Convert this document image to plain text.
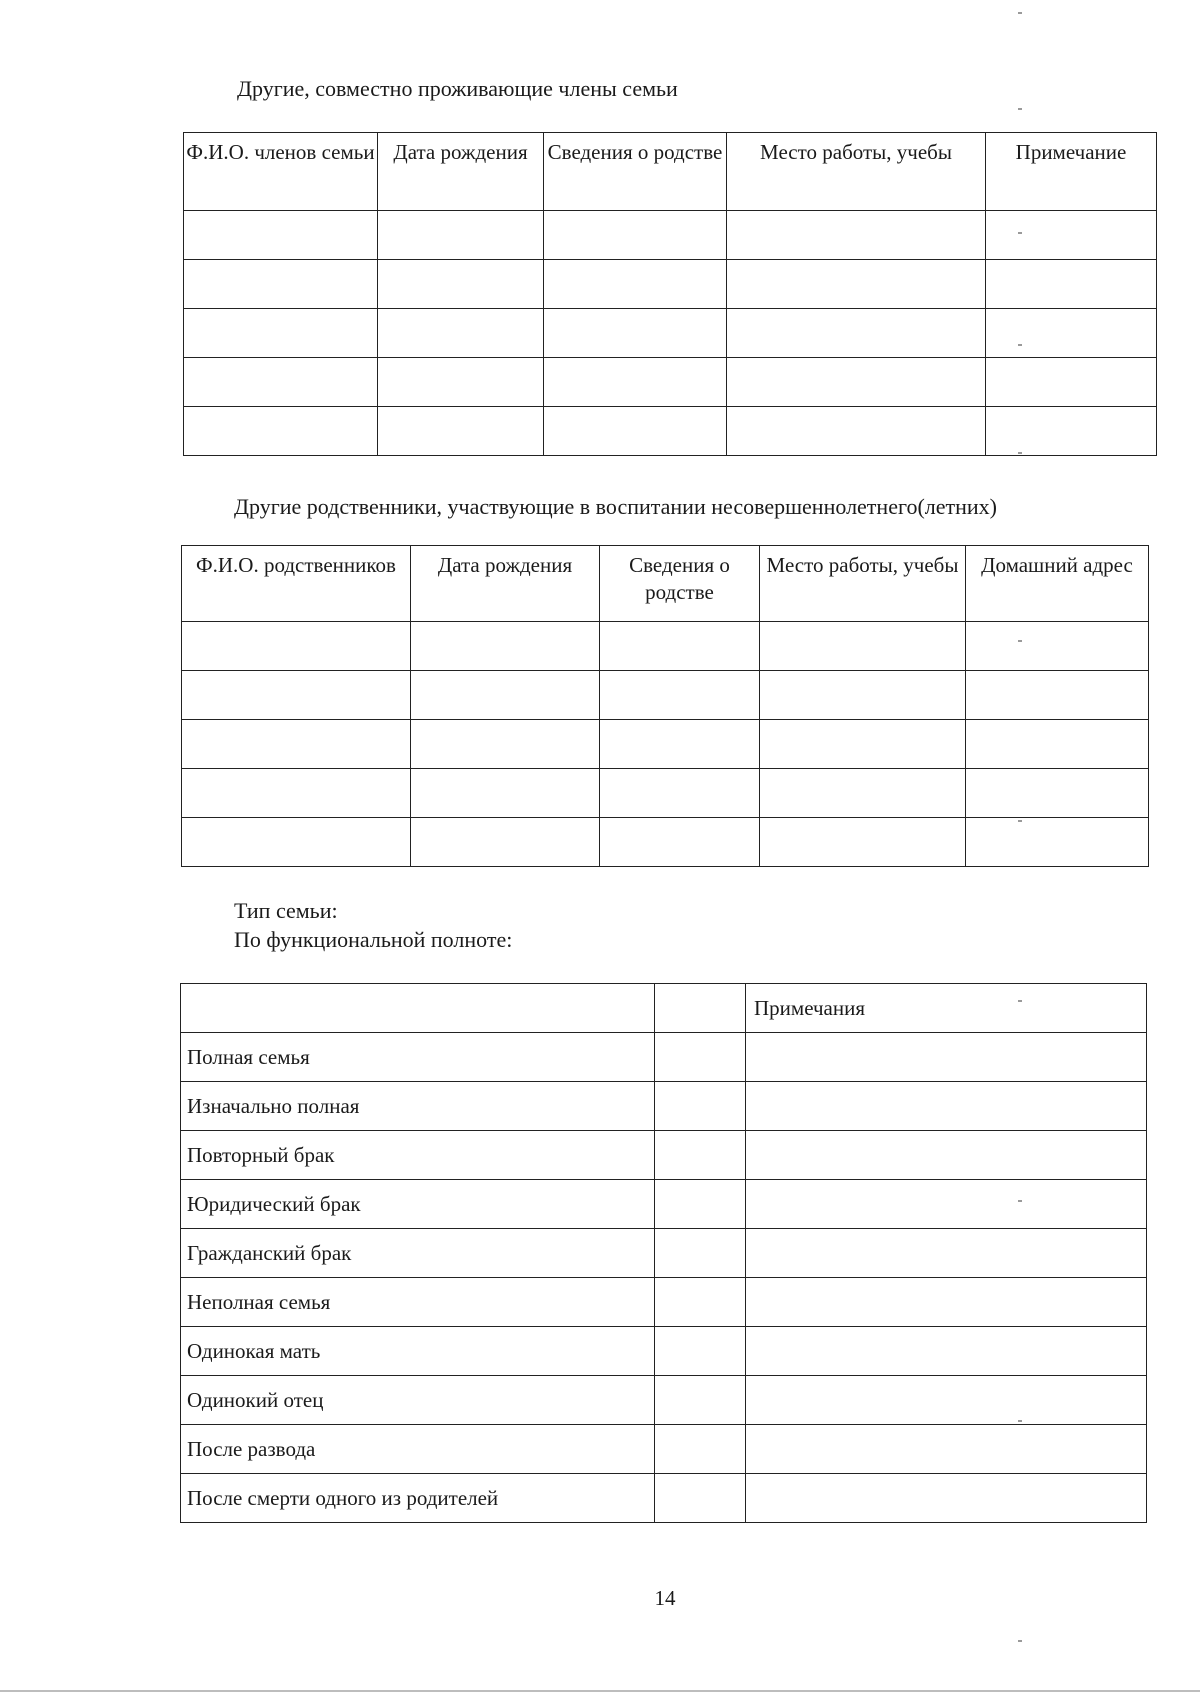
Другие, совместно проживающие члены семьи
Ф.И.О. членов семьи	Дата рождения	Сведения о родстве	Место работы, учебы	Примечание

Другие родственники, участвующие в воспитании несовершеннолетнего(летних)
Ф.И.О. родственников	Дата рождения	Сведения о родстве	Место работы, учебы	Домашний адрес

Тип семьи:
По функциональной полноте:
		Примечания
Полная семья		
Изначально полная		
Повторный брак		
Юридический брак		
Гражданский брак		
Неполная семья		
Одинокая мать		
Одинокий отец		
После развода		
После смерти одного из родителей		
14
